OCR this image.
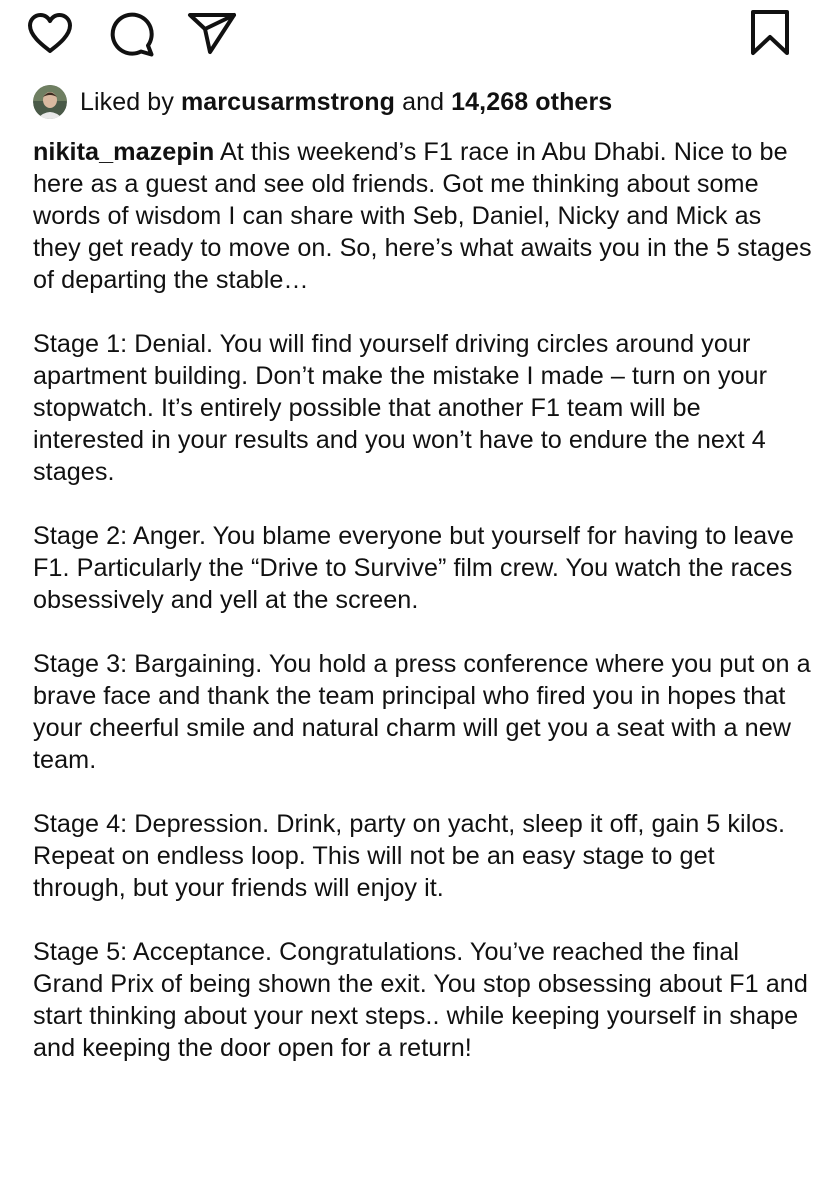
Liked by
marcusarmstrong
and
14,268 others

nikita_mazepin At this weekend’s F1 race in Abu Dhabi. Nice to be here as a guest and see old friends. Got me thinking about some words of wisdom I can share with Seb, Daniel, Nicky and Mick as they get ready to move on. So, here’s what awaits you in the 5 stages of departing the stable…

Stage 1: Denial. You will find yourself driving circles around your apartment building. Don’t make the mistake I made – turn on your stopwatch. It’s entirely possible that another F1 team will be interested in your results and you won’t have to endure the next 4 stages.

Stage 2: Anger. You blame everyone but yourself for having to leave F1. Particularly the “Drive to Survive” film crew. You watch the races obsessively and yell at the screen.

Stage 3: Bargaining. You hold a press conference where you put on a brave face and thank the team principal who fired you in hopes that your cheerful smile and natural charm will get you a seat with a new team.

Stage 4: Depression. Drink, party on yacht, sleep it off, gain 5 kilos. Repeat on endless loop. This will not be an easy stage to get through, but your friends will enjoy it.

Stage 5: Acceptance. Congratulations. You’ve reached the final Grand Prix of being shown the exit. You stop obsessing about F1 and start thinking about your next steps.. while keeping yourself in shape and keeping the door open for a return!
